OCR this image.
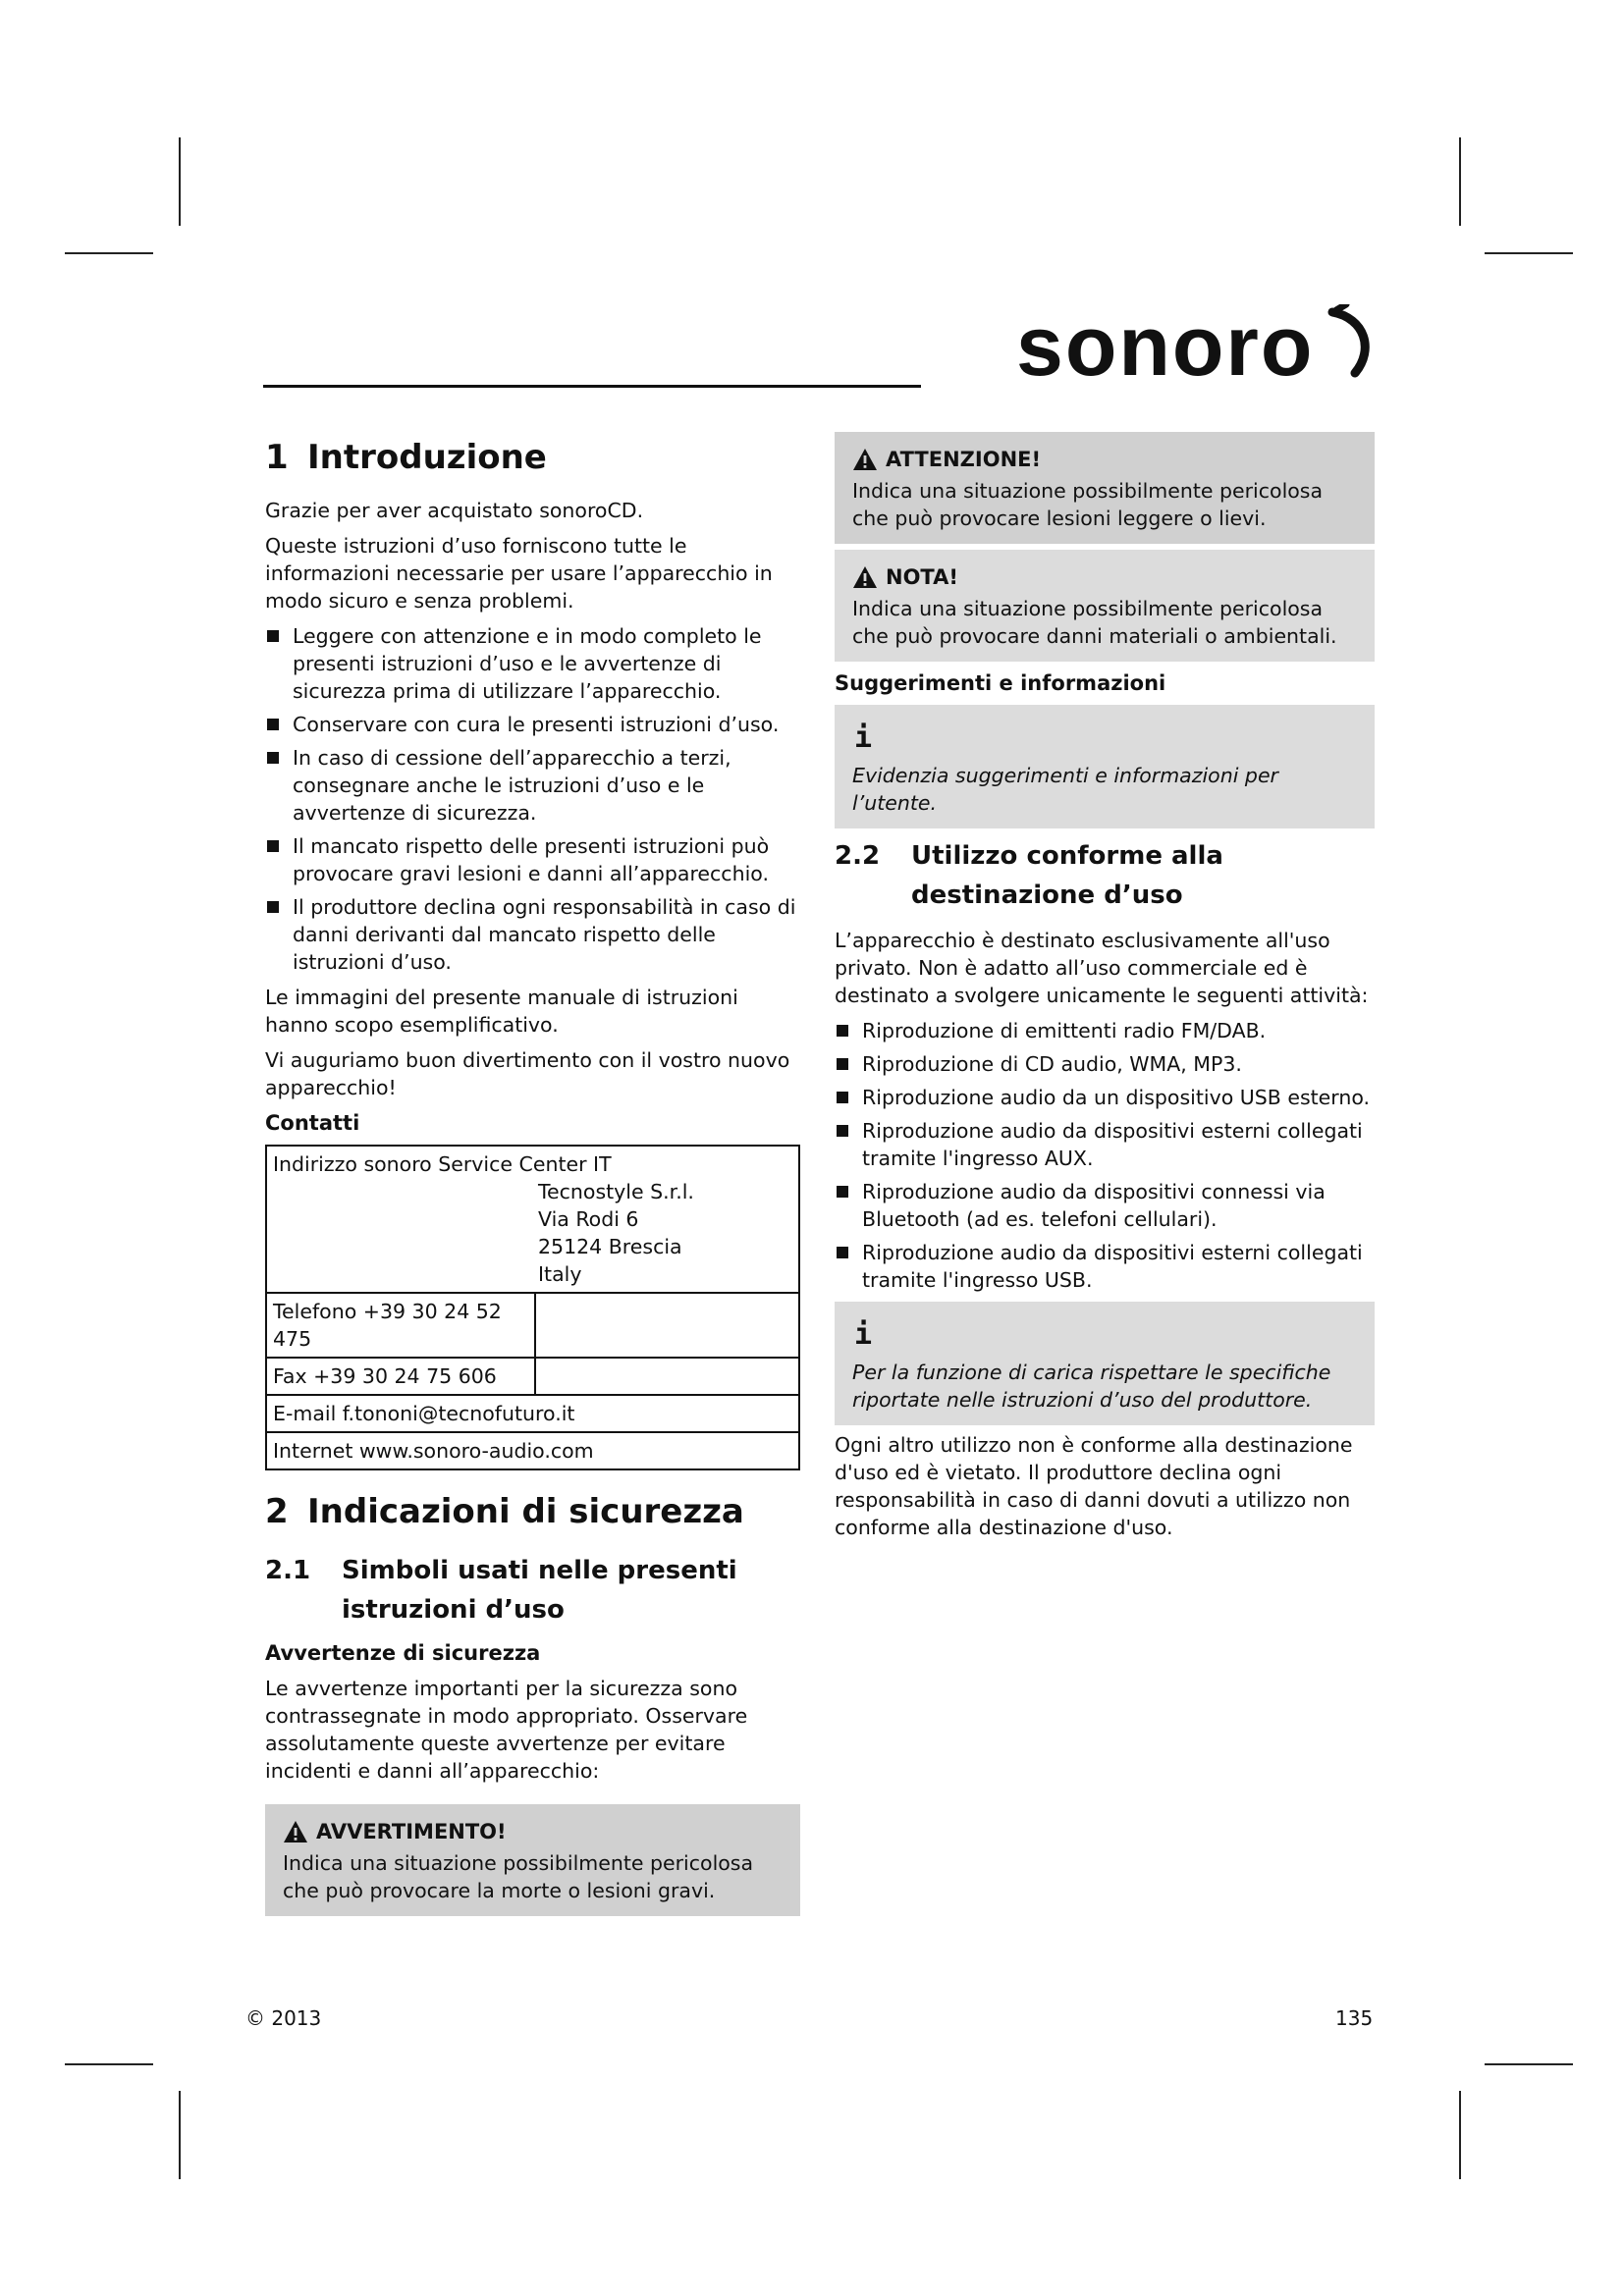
sonoro
1 Introduzione

Grazie per aver acquistato sonoroCD.

Queste istruzioni d’uso forniscono tutte le informazioni necessarie per usare l’apparecchio in modo sicuro e senza problemi.

Leggere con attenzione e in modo completo le presenti istruzioni d’uso e le avvertenze di sicurezza prima di utilizzare l’apparecchio.
Conservare con cura le presenti istruzioni d’uso.
In caso di cessione dell’apparecchio a terzi, consegnare anche le istruzioni d’uso e le avvertenze di sicurezza.
Il mancato rispetto delle presenti istruzioni può provocare gravi lesioni e danni all’apparecchio.
Il produttore declina ogni responsabilità in caso di danni derivanti dal mancato rispetto delle istruzioni d’uso.

Le immagini del presente manuale di istruzioni hanno scopo esemplificativo.

Vi auguriamo buon divertimento con il vostro nuovo apparecchio!

Contatti
Indirizzo sonoro Service Center IT
Tecnostyle S.r.l.
Via Rodi 6
25124 Brescia
Italy	

Telefono +39 30 24 52 475	
Fax +39 30 24 75 606	
E-mail f.tononi@tecnofuturo.it	
Internet www.sonoro-audio.com	
2 Indicazioni di sicurezza
2.1	Simboli usati nelle presenti istruzioni d’uso
Avvertenze di sicurezza

Le avvertenze importanti per la sicurezza sono contrassegnate in modo appropriato. Osservare assolutamente queste avvertenze per evitare incidenti e danni all’apparecchio:

AVVERTIMENTO!
Indica una situazione possibilmente pericolosa che può provocare la morte o lesioni gravi.
ATTENZIONE!
Indica una situazione possibilmente pericolosa che può provocare lesioni leggere o lievi.
NOTA!
Indica una situazione possibilmente pericolosa che può provocare danni materiali o ambientali.
Suggerimenti e informazioni
i
Evidenzia suggerimenti e informazioni per l’utente.
2.2	Utilizzo conforme alla destinazione d’uso

L’apparecchio è destinato esclusivamente all'uso privato. Non è adatto all’uso commerciale ed è destinato a svolgere unicamente le seguenti attività:

Riproduzione di emittenti radio FM/DAB.
Riproduzione di CD audio, WMA, MP3.
Riproduzione audio da un dispositivo USB esterno.
Riproduzione audio da dispositivi esterni collegati tramite l'ingresso AUX.
Riproduzione audio da dispositivi connessi via Bluetooth (ad es. telefoni cellulari).
Riproduzione audio da dispositivi esterni collegati tramite l'ingresso USB.
i
Per la funzione di carica rispettare le specifiche riportate nelle istruzioni d’uso del produttore.

Ogni altro utilizzo non è conforme alla destinazione d'uso ed è vietato. Il produttore declina ogni responsabilità in caso di danni dovuti a utilizzo non conforme alla destinazione d'uso.

© 2013	135
